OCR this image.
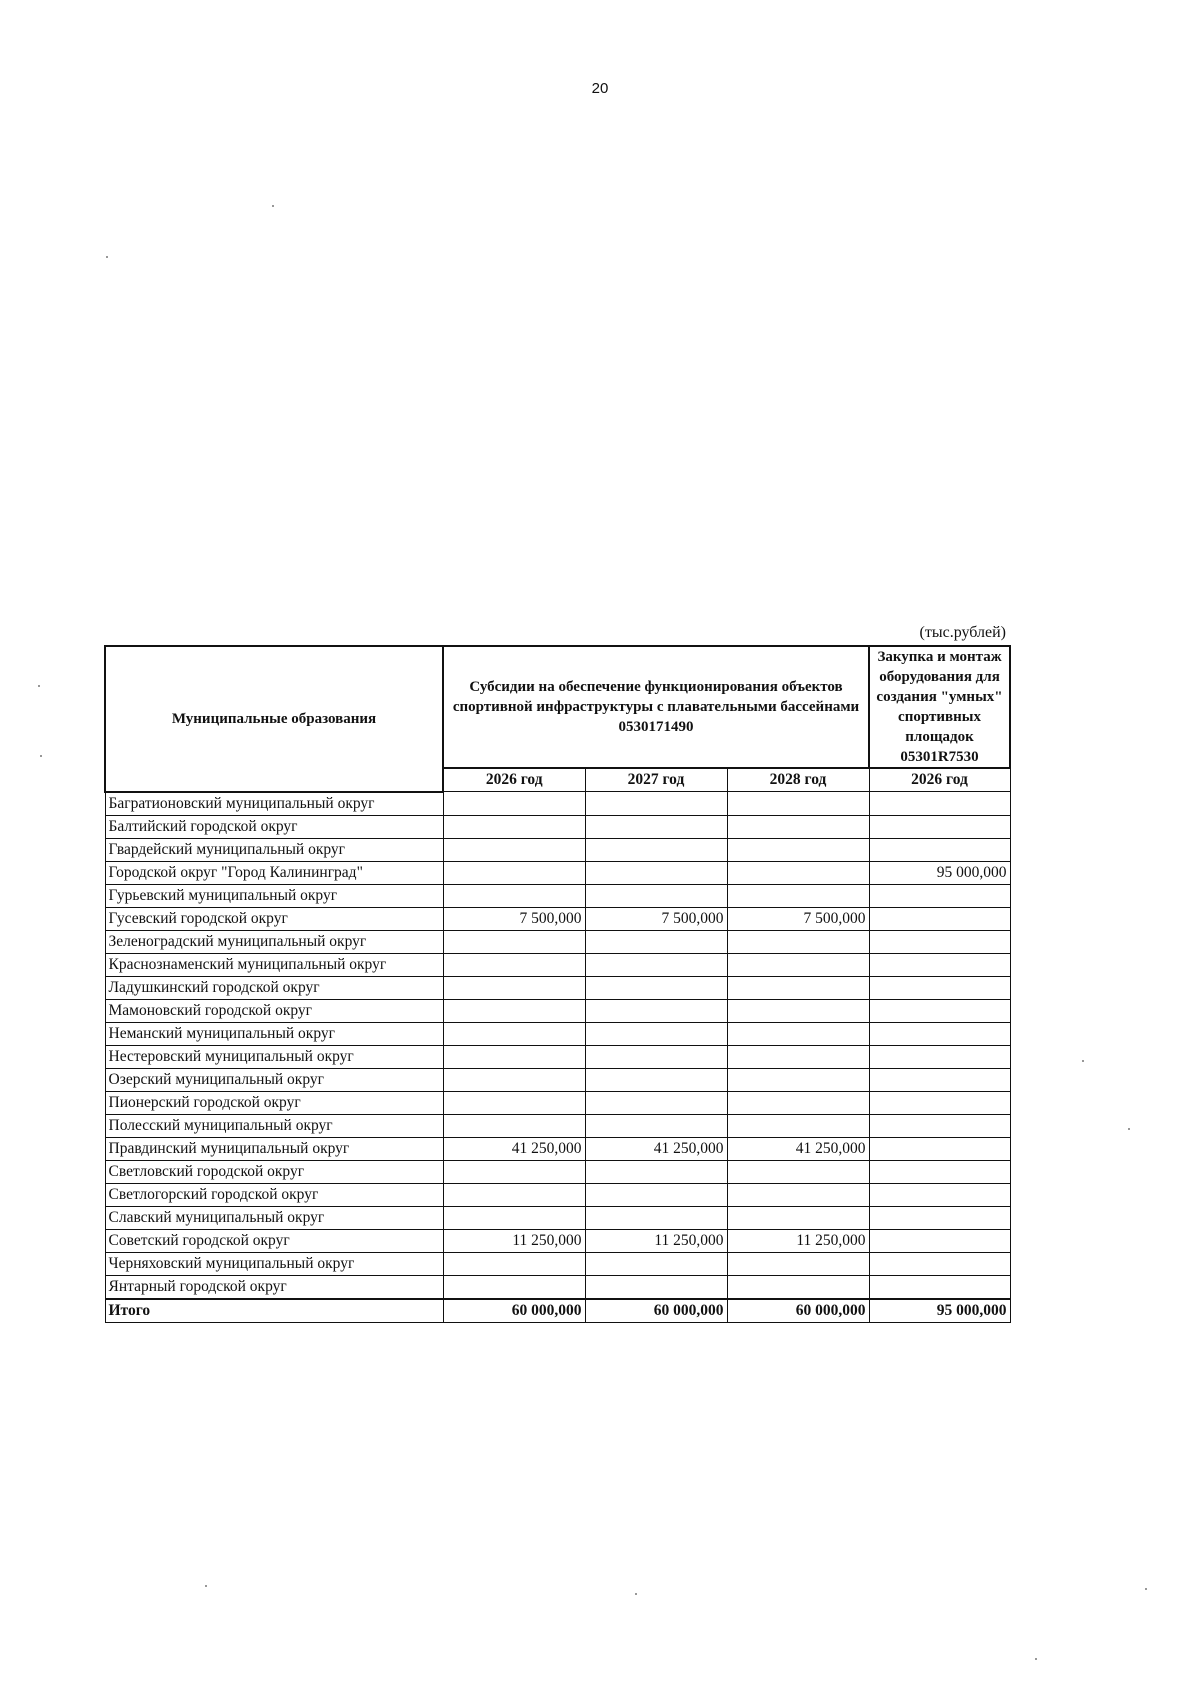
20
(тыс.рублей)
Муниципальные образования	Субсидии на обеспечение функционирования объектов спортивной инфраструктуры с плавательными бассейнами 0530171490			Закупка и монтаж оборудования для создания "умных" спортивных площадок 05301R7530
	2026 год	2027 год	2028 год	2026 год
Багратионовский муниципальный округ				
Балтийский городской округ				
Гвардейский муниципальный округ				
Городской округ "Город Калининград"				95 000,000
Гурьевский муниципальный округ				
Гусевский городской округ	7 500,000	7 500,000	7 500,000	
Зеленоградский муниципальный округ				
Краснознаменский муниципальный округ				
Ладушкинский городской округ				
Мамоновский городской округ				
Неманский муниципальный округ				
Нестеровский муниципальный округ				
Озерский муниципальный округ				
Пионерский городской округ				
Полесский муниципальный округ				
Правдинский муниципальный округ	41 250,000	41 250,000	41 250,000	
Светловский городской округ				
Светлогорский городской округ				
Славский муниципальный округ				
Советский городской округ	11 250,000	11 250,000	11 250,000	
Черняховский муниципальный округ				
Янтарный городской округ				
Итого	60 000,000	60 000,000	60 000,000	95 000,000
